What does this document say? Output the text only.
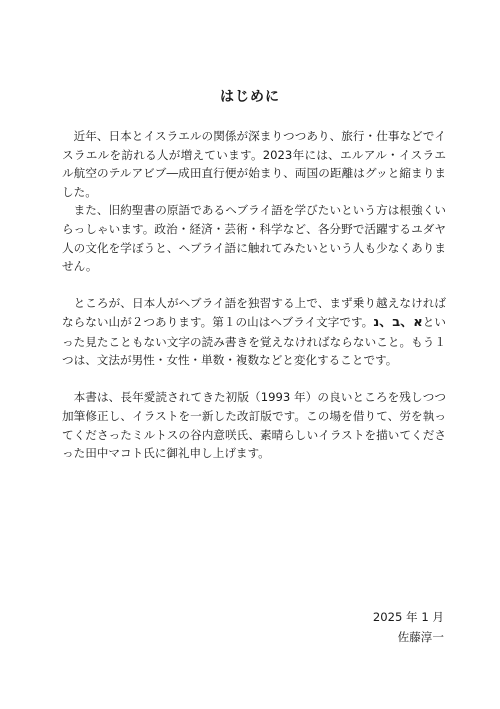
はじめに

近年、日本とイスラエルの関係が深まりつつあり、旅行・仕事などでイスラエルを訪れる人が増えています。2023年には、エルアル・イスラエル航空のテルアビブ―成田直行便が始まり、両国の距離はグッと縮まりました。

また、旧約聖書の原語であるヘブライ語を学びたいという方は根強くいらっしゃいます。政治・経済・芸術・科学など、各分野で活躍するユダヤ人の文化を学ぼうと、ヘブライ語に触れてみたいという人も少なくありません。

ところが、日本人がヘブライ語を独習する上で、まず乗り越えなければならない山が２つあります。第１の山はヘブライ文字です。א、ב、נといった見たこともない文字の読み書きを覚えなければならないこと。もう１つは、文法が男性・女性・単数・複数などと変化することです。

本書は、長年愛読されてきた初版（1993 年）の良いところを残しつつ加筆修正し、イラストを一新した改訂版です。この場を借りて、労を執ってくださったミルトスの谷内意咲氏、素晴らしいイラストを描いてくださった田中マコト氏に御礼申し上げます。

2025 年 1 月
佐藤淳一
